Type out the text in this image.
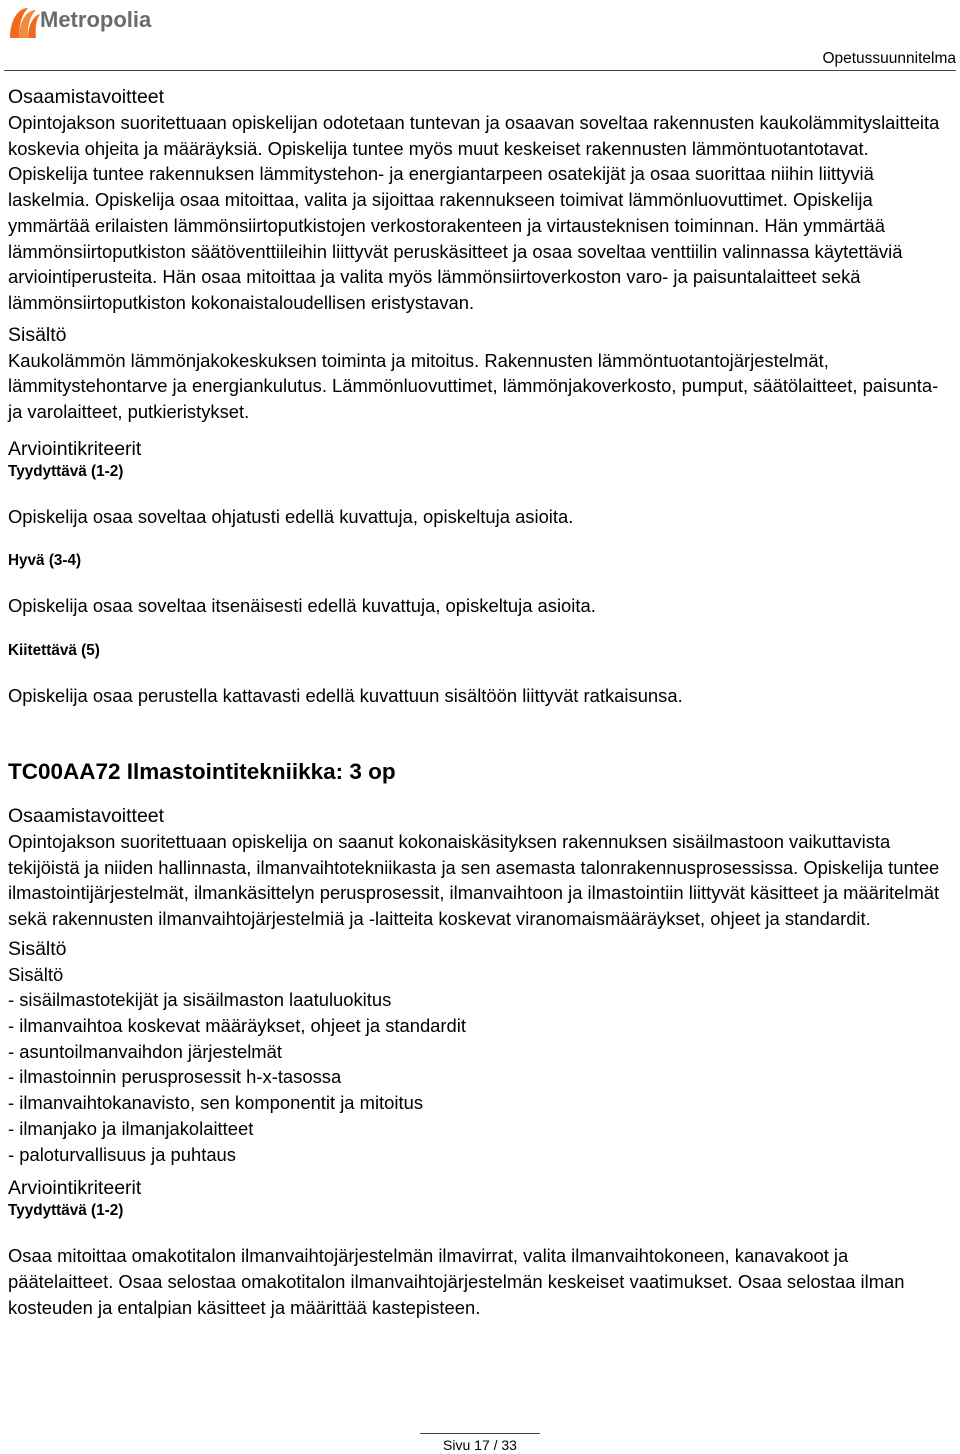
Metropolia
Opetussuunnitelma
Osaamistavoitteet

Opintojakson suoritettuaan opiskelijan odotetaan tuntevan ja osaavan soveltaa rakennusten kaukolämmityslaitteita koskevia ohjeita ja määräyksiä. Opiskelija tuntee myös muut keskeiset rakennusten lämmöntuotantotavat. Opiskelija tuntee rakennuksen lämmitystehon- ja energiantarpeen osatekijät ja osaa suorittaa niihin liittyviä laskelmia. Opiskelija osaa mitoittaa, valita ja sijoittaa rakennukseen toimivat lämmönluovuttimet. Opiskelija ymmärtää erilaisten lämmönsiirtoputkistojen verkostorakenteen ja virtausteknisen toiminnan. Hän ymmärtää lämmönsiirtoputkiston säätöventtiileihin liittyvät peruskäsitteet ja osaa soveltaa venttiilin valinnassa käytettäviä arviointiperusteita. Hän osaa mitoittaa ja valita myös lämmönsiirtoverkoston varo- ja paisuntalaitteet sekä lämmönsiirtoputkiston kokonaistaloudellisen eristystavan.

Sisältö

Kaukolämmön lämmönjakokeskuksen toiminta ja mitoitus. Rakennusten lämmöntuotantojärjestelmät, lämmitystehontarve ja energiankulutus. Lämmönluovuttimet, lämmönjakoverkosto, pumput, säätölaitteet, paisunta- ja varolaitteet, putkieristykset.

Arviointikriteerit

Tyydyttävä (1-2)

Opiskelija osaa soveltaa ohjatusti edellä kuvattuja, opiskeltuja asioita.

Hyvä (3-4)

Opiskelija osaa soveltaa itsenäisesti edellä kuvattuja, opiskeltuja asioita.

Kiitettävä (5)

Opiskelija osaa perustella kattavasti edellä kuvattuun sisältöön liittyvät ratkaisunsa.

TC00AA72 Ilmastointitekniikka: 3 op
Osaamistavoitteet

Opintojakson suoritettuaan opiskelija on saanut kokonaiskäsityksen rakennuksen sisäilmastoon vaikuttavista tekijöistä ja niiden hallinnasta, ilmanvaihtotekniikasta ja sen asemasta talonrakennusprosessissa. Opiskelija tuntee ilmastointijärjestelmät, ilmankäsittelyn perusprosessit, ilmanvaihtoon ja ilmastointiin liittyvät käsitteet ja määritelmät sekä rakennusten ilmanvaihtojärjestelmiä ja -laitteita koskevat viranomaismääräykset, ohjeet ja standardit.

Sisältö

Sisältö

- sisäilmastotekijät ja sisäilmaston laatuluokitus
- ilmanvaihtoa koskevat määräykset, ohjeet ja standardit
- asuntoilmanvaihdon järjestelmät
- ilmastoinnin perusprosessit h-x-tasossa
- ilmanvaihtokanavisto, sen komponentit ja mitoitus
- ilmanjako ja ilmanjakolaitteet
- paloturvallisuus ja puhtaus
Arviointikriteerit

Tyydyttävä (1-2)

Osaa mitoittaa omakotitalon ilmanvaihtojärjestelmän ilmavirrat, valita ilmanvaihtokoneen, kanavakoot ja päätelaitteet. Osaa selostaa omakotitalon ilmanvaihtojärjestelmän keskeiset vaatimukset. Osaa selostaa ilman kosteuden ja entalpian käsitteet ja määrittää kastepisteen.

Sivu 17 / 33
